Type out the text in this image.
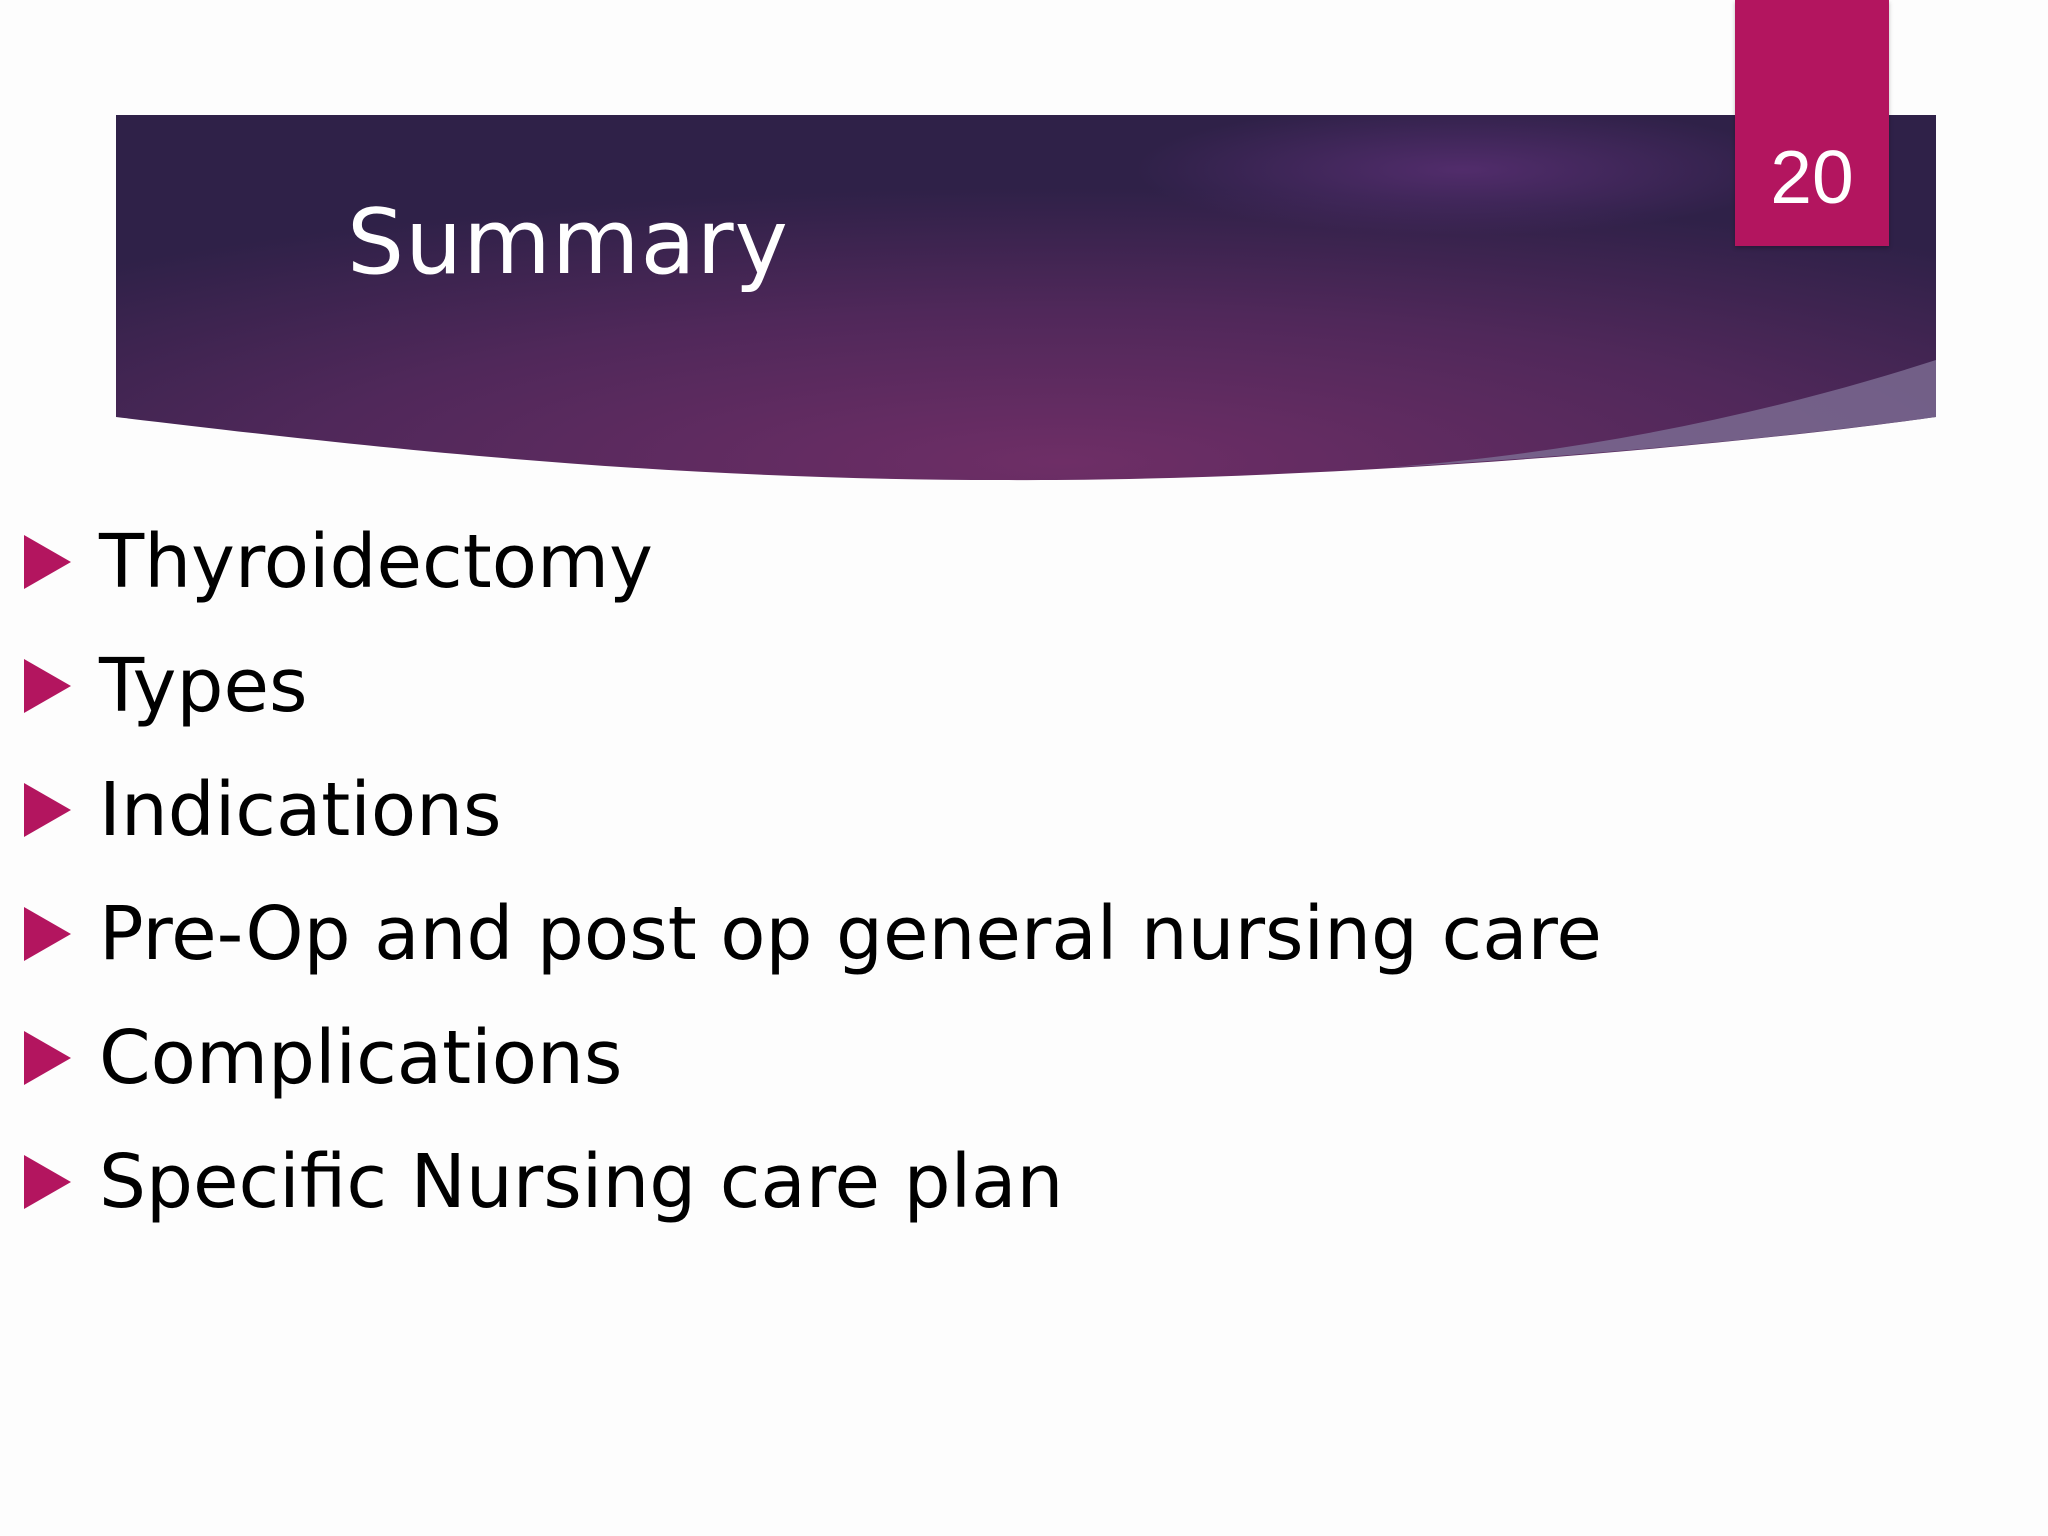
Summary
20
Thyroidectomy
Types
Indications
Pre-Op and post op general nursing care
Complications
Specific Nursing care plan
